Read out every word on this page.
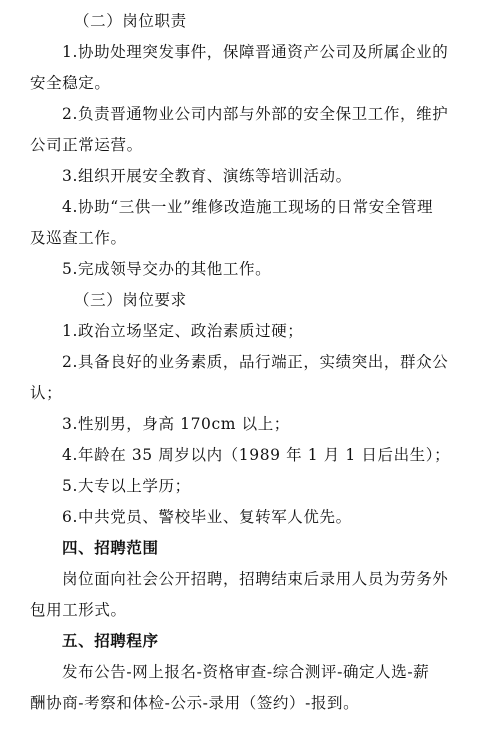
（二）岗位职责
1.协助处理突发事件，保障晋通资产公司及所属企业的
安全稳定。
2.负责晋通物业公司内部与外部的安全保卫工作，维护
公司正常运营。
3.组织开展安全教育、演练等培训活动。
4.协助“三供一业”维修改造施工现场的日常安全管理
及巡查工作。
5.完成领导交办的其他工作。
（三）岗位要求
1.政治立场坚定、政治素质过硬；
2.具备良好的业务素质，品行端正，实绩突出，群众公
认；
3.性别男，身高 170cm 以上；
4.年龄在 35 周岁以内（1989 年 1 月 1 日后出生）；
5.大专以上学历；
6.中共党员、警校毕业、复转军人优先。
四、招聘范围
岗位面向社会公开招聘，招聘结束后录用人员为劳务外
包用工形式。
五、招聘程序
发布公告-网上报名-资格审查-综合测评-确定人选-薪
酬协商-考察和体检-公示-录用（签约）-报到。
